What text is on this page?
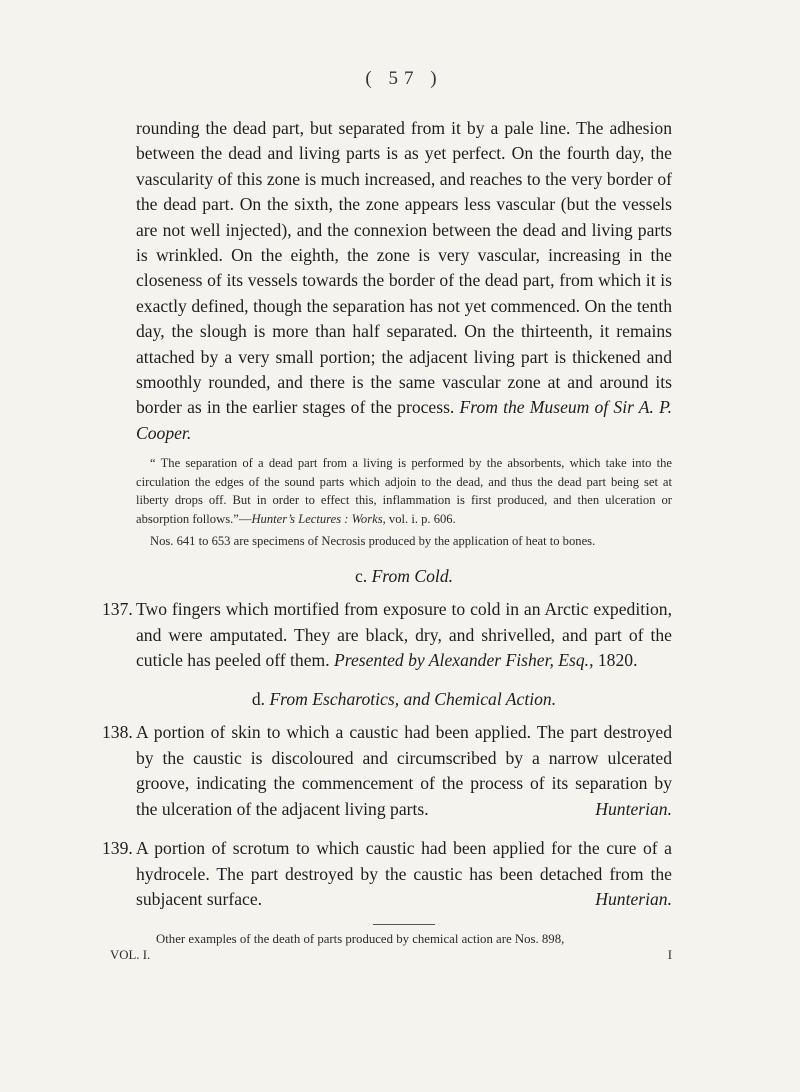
( 57 )

rounding the dead part, but separated from it by a pale line. The adhesion between the dead and living parts is as yet perfect. On the fourth day, the vascularity of this zone is much increased, and reaches to the very border of the dead part. On the sixth, the zone appears less vascular (but the vessels are not well injected), and the connexion between the dead and living parts is wrinkled. On the eighth, the zone is very vascular, increasing in the closeness of its vessels towards the border of the dead part, from which it is exactly defined, though the separation has not yet commenced. On the tenth day, the slough is more than half separated. On the thirteenth, it remains attached by a very small portion; the adjacent living part is thickened and smoothly rounded, and there is the same vascular zone at and around its border as in the earlier stages of the process. From the Museum of Sir A. P. Cooper.

“ The separation of a dead part from a living is performed by the absorbents, which take into the circulation the edges of the sound parts which adjoin to the dead, and thus the dead part being set at liberty drops off. But in order to effect this, inflammation is first produced, and then ulceration or absorption follows.”—Hunter’s Lectures : Works, vol. i. p. 606.

Nos. 641 to 653 are specimens of Necrosis produced by the application of heat to bones.

c. From Cold.

137. Two fingers which mortified from exposure to cold in an Arctic expedition, and were amputated. They are black, dry, and shrivelled, and part of the cuticle has peeled off them. Presented by Alexander Fisher, Esq., 1820.

d. From Escharotics, and Chemical Action.

138. A portion of skin to which a caustic had been applied. The part destroyed by the caustic is discoloured and circumscribed by a narrow ulcerated groove, indicating the commencement of the process of its separation by the ulceration of the adjacent living parts.	Hunterian.

139. A portion of scrotum to which caustic had been applied for the cure of a hydrocele. The part destroyed by the caustic has been detached from the subjacent surface.	Hunterian.

Other examples of the death of parts produced by chemical action are Nos. 898,

VOL. I.	I
